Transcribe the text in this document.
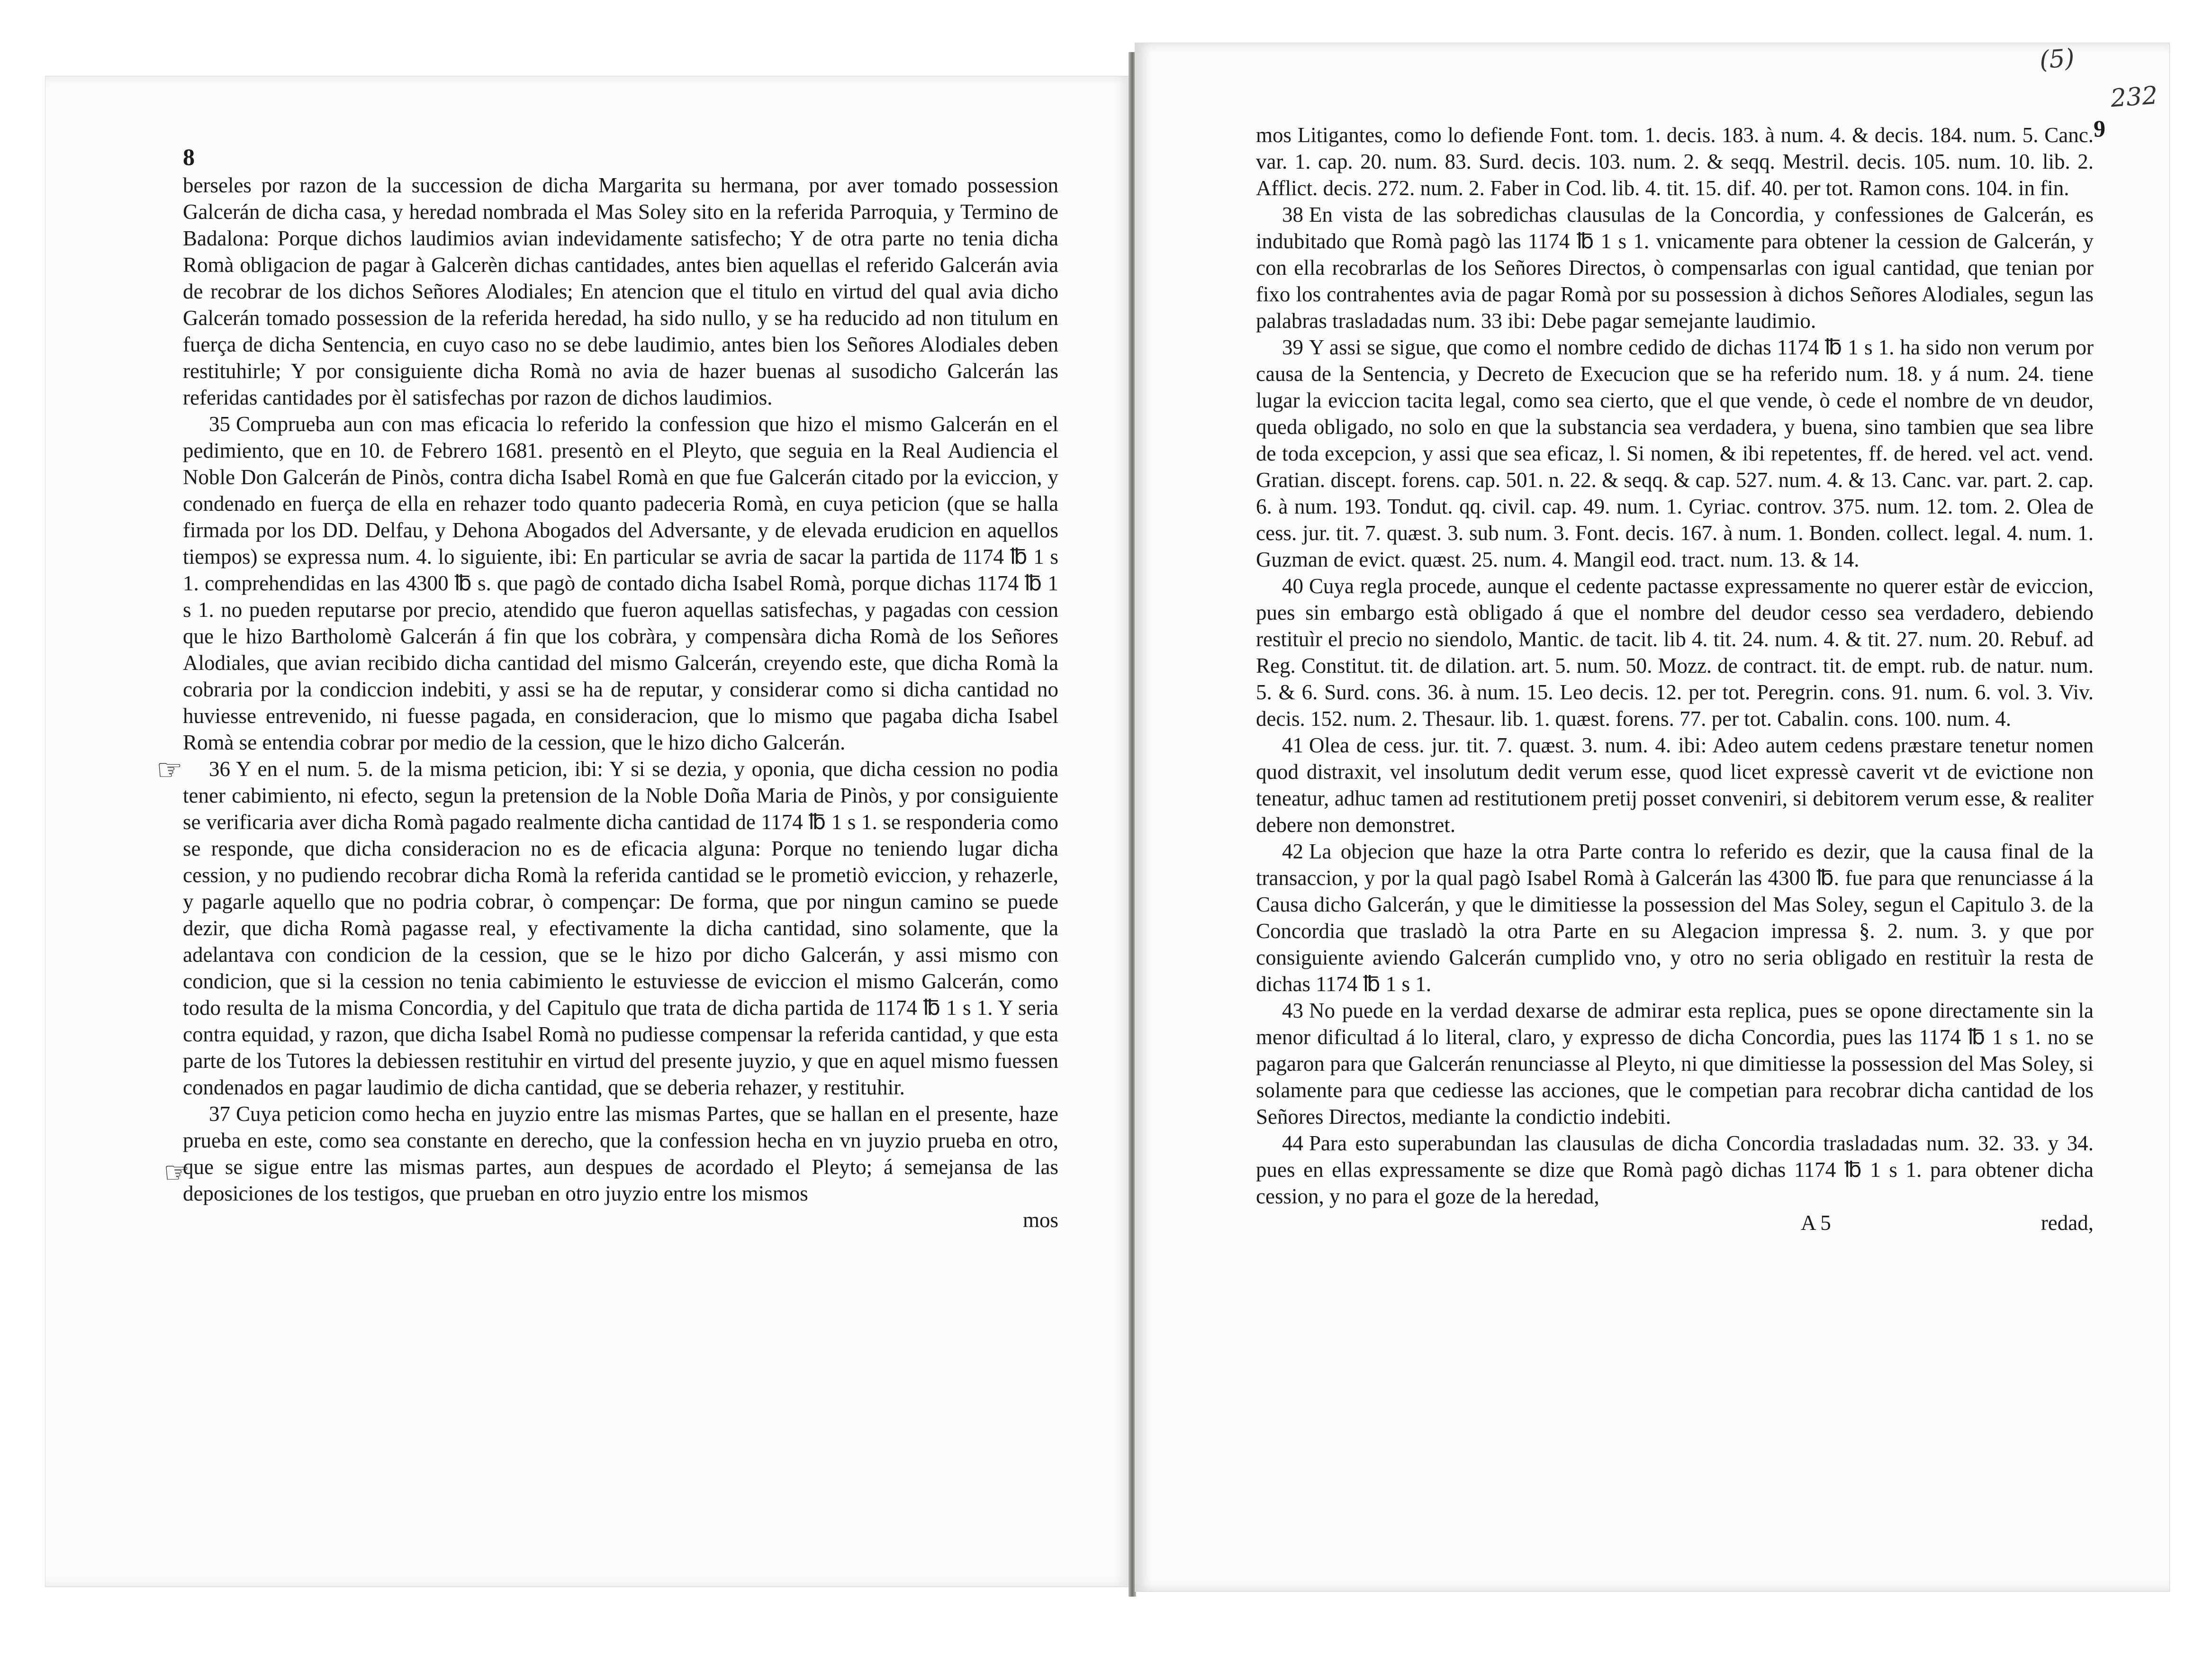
8

berseles por razon de la succession de dicha Margarita su hermana, por aver tomado possession Galcerán de dicha casa, y heredad nombrada el Mas Soley sito en la referida Parroquia, y Termino de Badalona: Porque dichos laudimios avian indevidamente satisfecho; Y de otra parte no tenia dicha Romà obligacion de pagar à Galcerèn dichas cantidades, antes bien aquellas el referido Galcerán avia de recobrar de los dichos Señores Alodiales; En atencion que el titulo en virtud del qual avia dicho Galcerán tomado possession de la referida heredad, ha sido nullo, y se ha reducido ad non titulum en fuerça de dicha Sentencia, en cuyo caso no se debe laudimio, antes bien los Señores Alodiales deben restituhirle; Y por consiguiente dicha Romà no avia de hazer buenas al susodicho Galcerán las referidas cantidades por èl satisfechas por razon de dichos laudimios.

35 Comprueba aun con mas eficacia lo referido la confession que hizo el mismo Galcerán en el pedimiento, que en 10. de Febrero 1681. presentò en el Pleyto, que seguia en la Real Audiencia el Noble Don Galcerán de Pinòs, contra dicha Isabel Romà en que fue Galcerán citado por la eviccion, y condenado en fuerça de ella en rehazer todo quanto padeceria Romà, en cuya peticion (que se halla firmada por los DD. Delfau, y Dehona Abogados del Adversante, y de elevada erudicion en aquellos tiempos) se expressa num. 4. lo siguiente, ibi: En particular se avria de sacar la partida de 1174 ℔ 1 s 1. comprehendidas en las 4300 ℔ s. que pagò de contado dicha Isabel Romà, porque dichas 1174 ℔ 1 s 1. no pueden reputarse por precio, atendido que fueron aquellas satisfechas, y pagadas con cession que le hizo Bartholomè Galcerán á fin que los cobràra, y compensàra dicha Romà de los Señores Alodiales, que avian recibido dicha cantidad del mismo Galcerán, creyendo este, que dicha Romà la cobraria por la condiccion indebiti, y assi se ha de reputar, y considerar como si dicha cantidad no huviesse entrevenido, ni fuesse pagada, en consideracion, que lo mismo que pagaba dicha Isabel Romà se entendia cobrar por medio de la cession, que le hizo dicho Galcerán.

36 Y en el num. 5. de la misma peticion, ibi: Y si se dezia, y oponia, que dicha cession no podia tener cabimiento, ni efecto, segun la pretension de la Noble Doña Maria de Pinòs, y por consiguiente se verificaria aver dicha Romà pagado realmente dicha cantidad de 1174 ℔ 1 s 1. se responderia como se responde, que dicha consideracion no es de eficacia alguna: Porque no teniendo lugar dicha cession, y no pudiendo recobrar dicha Romà la referida cantidad se le prometiò eviccion, y rehazerle, y pagarle aquello que no podria cobrar, ò compençar: De forma, que por ningun camino se puede dezir, que dicha Romà pagasse real, y efectivamente la dicha cantidad, sino solamente, que la adelantava con condicion de la cession, que se le hizo por dicho Galcerán, y assi mismo con condicion, que si la cession no tenia cabimiento le estuviesse de eviccion el mismo Galcerán, como todo resulta de la misma Concordia, y del Capitulo que trata de dicha partida de 1174 ℔ 1 s 1. Y seria contra equidad, y razon, que dicha Isabel Romà no pudiesse compensar la referida cantidad, y que esta parte de los Tutores la debiessen restituhir en virtud del presente juyzio, y que en aquel mismo fuessen condenados en pagar laudimio de dicha cantidad, que se deberia rehazer, y restituhir.

37 Cuya peticion como hecha en juyzio entre las mismas Partes, que se hallan en el presente, haze prueba en este, como sea constante en derecho, que la confession hecha en vn juyzio prueba en otro, que se sigue entre las mismas partes, aun despues de acordado el Pleyto; á semejansa de las deposiciones de los testigos, que prueban en otro juyzio entre los mismos

mos
9

mos Litigantes, como lo defiende Font. tom. 1. decis. 183. à num. 4. & decis. 184. num. 5. Canc. var. 1. cap. 20. num. 83. Surd. decis. 103. num. 2. & seqq. Mestril. decis. 105. num. 10. lib. 2. Afflict. decis. 272. num. 2. Faber in Cod. lib. 4. tit. 15. dif. 40. per tot. Ramon cons. 104. in fin.

38 En vista de las sobredichas clausulas de la Concordia, y confessiones de Galcerán, es indubitado que Romà pagò las 1174 ℔ 1 s 1. vnicamente para obtener la cession de Galcerán, y con ella recobrarlas de los Señores Directos, ò compensarlas con igual cantidad, que tenian por fixo los contrahentes avia de pagar Romà por su possession à dichos Señores Alodiales, segun las palabras trasladadas num. 33 ibi: Debe pagar semejante laudimio.

39 Y assi se sigue, que como el nombre cedido de dichas 1174 ℔ 1 s 1. ha sido non verum por causa de la Sentencia, y Decreto de Execucion que se ha referido num. 18. y á num. 24. tiene lugar la eviccion tacita legal, como sea cierto, que el que vende, ò cede el nombre de vn deudor, queda obligado, no solo en que la substancia sea verdadera, y buena, sino tambien que sea libre de toda excepcion, y assi que sea eficaz, l. Si nomen, & ibi repetentes, ff. de hered. vel act. vend. Gratian. discept. forens. cap. 501. n. 22. & seqq. & cap. 527. num. 4. & 13. Canc. var. part. 2. cap. 6. à num. 193. Tondut. qq. civil. cap. 49. num. 1. Cyriac. controv. 375. num. 12. tom. 2. Olea de cess. jur. tit. 7. quæst. 3. sub num. 3. Font. decis. 167. à num. 1. Bonden. collect. legal. 4. num. 1. Guzman de evict. quæst. 25. num. 4. Mangil eod. tract. num. 13. & 14.

40 Cuya regla procede, aunque el cedente pactasse expressamente no querer estàr de eviccion, pues sin embargo està obligado á que el nombre del deudor cesso sea verdadero, debiendo restituìr el precio no siendolo, Mantic. de tacit. lib 4. tit. 24. num. 4. & tit. 27. num. 20. Rebuf. ad Reg. Constitut. tit. de dilation. art. 5. num. 50. Mozz. de contract. tit. de empt. rub. de natur. num. 5. & 6. Surd. cons. 36. à num. 15. Leo decis. 12. per tot. Peregrin. cons. 91. num. 6. vol. 3. Viv. decis. 152. num. 2. Thesaur. lib. 1. quæst. forens. 77. per tot. Cabalin. cons. 100. num. 4.

41 Olea de cess. jur. tit. 7. quæst. 3. num. 4. ibi: Adeo autem cedens præstare tenetur nomen quod distraxit, vel insolutum dedit verum esse, quod licet expressè caverit vt de evictione non teneatur, adhuc tamen ad restitutionem pretij posset conveniri, si debitorem verum esse, & realiter debere non demonstret.

42 La objecion que haze la otra Parte contra lo referido es dezir, que la causa final de la transaccion, y por la qual pagò Isabel Romà à Galcerán las 4300 ℔. fue para que renunciasse á la Causa dicho Galcerán, y que le dimitiesse la possession del Mas Soley, segun el Capitulo 3. de la Concordia que trasladò la otra Parte en su Alegacion impressa §. 2. num. 3. y que por consiguiente aviendo Galcerán cumplido vno, y otro no seria obligado en restituìr la resta de dichas 1174 ℔ 1 s 1.

43 No puede en la verdad dexarse de admirar esta replica, pues se opone directamente sin la menor dificultad á lo literal, claro, y expresso de dicha Concordia, pues las 1174 ℔ 1 s 1. no se pagaron para que Galcerán renunciasse al Pleyto, ni que dimitiesse la possession del Mas Soley, si solamente para que cediesse las acciones, que le competian para recobrar dicha cantidad de los Señores Directos, mediante la condictio indebiti.

44 Para esto superabundan las clausulas de dicha Concordia trasladadas num. 32. 33. y 34. pues en ellas expressamente se dize que Romà pagò dichas 1174 ℔ 1 s 1. para obtener dicha cession, y no para el goze de la heredad,

A 5	redad,
☞
☞
(5)
232
